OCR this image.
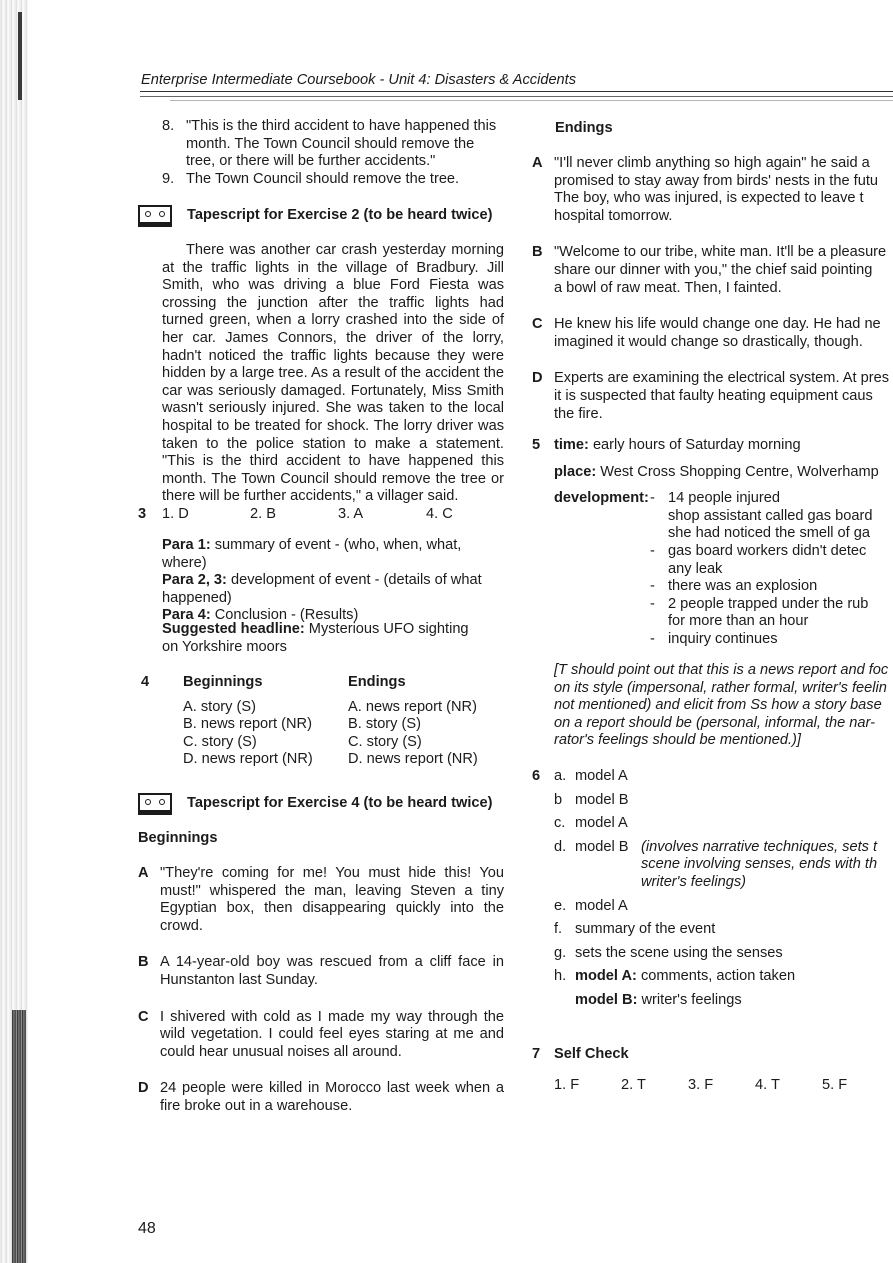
Enterprise Intermediate Coursebook - Unit 4: Disasters & Accidents
8. "This is the third accident to have happened this month. The Town Council should remove the tree, or there will be further accidents."
9. The Town Council should remove the tree.
Tapescript for Exercise 2 (to be heard twice)
There was another car crash yesterday morning at the traffic lights in the village of Bradbury. Jill Smith, who was driving a blue Ford Fiesta was crossing the junction after the traffic lights had turned green, when a lorry crashed into the side of her car. James Connors, the driver of the lorry, hadn't noticed the traffic lights because they were hidden by a large tree. As a result of the accident the car was seriously damaged. Fortunately, Miss Smith wasn't seriously injured. She was taken to the local hospital to be treated for shock. The lorry driver was taken to the police station to make a statement. "This is the third accident to have happened this month. The Town Council should remove the tree or there will be further accidents," a villager said.
3 1. D	2. B	3. A	4. C

Para 1: summary of event - (who, when, what, where)

Para 2, 3: development of event - (details of what happened)

Para 4: Conclusion - (Results)

Suggested headline: Mysterious UFO sighting on Yorkshire moors
4 Beginnings	Endings
A. story (S)	A. news report (NR)
B. news report (NR)	B. story (S)
C. story (S)	C. story (S)
D. news report (NR)	D. news report (NR)
Tapescript for Exercise 4 (to be heard twice)
Beginnings
A "They're coming for me! You must hide this! You must!" whispered the man, leaving Steven a tiny Egyptian box, then disappearing quickly into the crowd.
B A 14-year-old boy was rescued from a cliff face in Hunstanton last Sunday.
C I shivered with cold as I made my way through the wild vegetation. I could feel eyes staring at me and could hear unusual noises all around.
D 24 people were killed in Morocco last week when a fire broke out in a warehouse.
48
Endings
A "I'll never climb anything so high again" he said a

promised to stay away from birds' nests in the futu

The boy, who was injured, is expected to leave t

hospital tomorrow.

B "Welcome to our tribe, white man. It'll be a pleasure

share our dinner with you," the chief said pointing

a bowl of raw meat. Then, I fainted.

C He knew his life would change one day. He had ne

imagined it would change so drastically, though.

D Experts are examining the electrical system. At pres

it is suspected that faulty heating equipment caus

the fire.

5 time: early hours of Saturday morning
place: West Cross Shopping Centre, Wolverhamp
development: - 14 people injured

shop assistant called gas board

she had noticed the smell of ga

- gas board workers didn't detec

any leak

- there was an explosion

- 2 people trapped under the rub

for more than an hour

- inquiry continues

[T should point out that this is a news report and foc

on its style (impersonal, rather formal, writer's feelin

not mentioned) and elicit from Ss how a story base

on a report should be (personal, informal, the nar-

rator's feelings should be mentioned.)]

6 a. model A
b model B
c. model A
d. model B (involves narrative techniques, sets t

scene involving senses, ends with th

writer's feelings)

e. model A
f. summary of the event
g. sets the scene using the senses
h. model A: comments, action taken
model B: writer's feelings
7 Self Check
1. F	2. T	3. F	4. T	5. F
